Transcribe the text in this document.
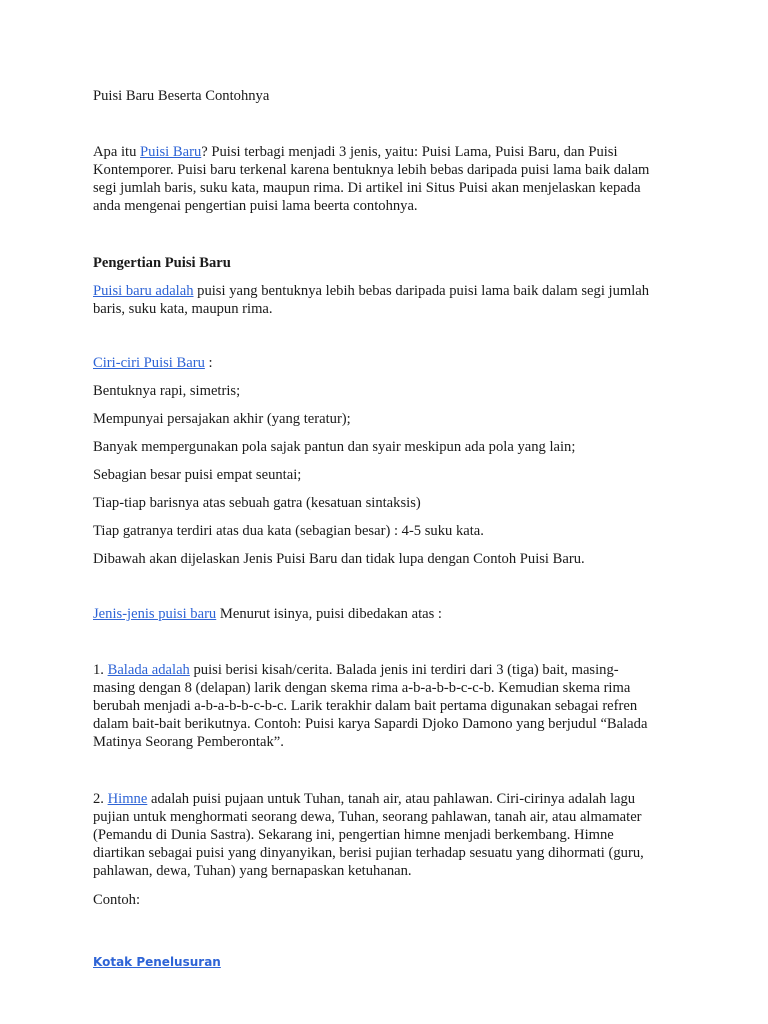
Puisi Baru Beserta Contohnya

Apa itu Puisi Baru? Puisi terbagi menjadi 3 jenis, yaitu: Puisi Lama, Puisi Baru, dan Puisi Kontemporer. Puisi baru terkenal karena bentuknya lebih bebas daripada puisi lama baik dalam segi jumlah baris, suku kata, maupun rima. Di artikel ini Situs Puisi akan menjelaskan kepada anda mengenai pengertian puisi lama beerta contohnya.

Pengertian Puisi Baru

Puisi baru adalah puisi yang bentuknya lebih bebas daripada puisi lama baik dalam segi jumlah baris, suku kata, maupun rima.

Ciri-ciri Puisi Baru :

Bentuknya rapi, simetris;

Mempunyai persajakan akhir (yang teratur);

Banyak mempergunakan pola sajak pantun dan syair meskipun ada pola yang lain;

Sebagian besar puisi empat seuntai;

Tiap-tiap barisnya atas sebuah gatra (kesatuan sintaksis)

Tiap gatranya terdiri atas dua kata (sebagian besar) : 4-5 suku kata.

Dibawah akan dijelaskan Jenis Puisi Baru dan tidak lupa dengan Contoh Puisi Baru.

Jenis-jenis puisi baru Menurut isinya, puisi dibedakan atas :

1. Balada adalah puisi berisi kisah/cerita. Balada jenis ini terdiri dari 3 (tiga) bait, masing-masing dengan 8 (delapan) larik dengan skema rima a-b-a-b-b-c-c-b. Kemudian skema rima berubah menjadi a-b-a-b-b-c-b-c. Larik terakhir dalam bait pertama digunakan sebagai refren dalam bait-bait berikutnya. Contoh: Puisi karya Sapardi Djoko Damono yang berjudul “Balada Matinya Seorang Pemberontak”.

2. Himne adalah puisi pujaan untuk Tuhan, tanah air, atau pahlawan. Ciri-cirinya adalah lagu pujian untuk menghormati seorang dewa, Tuhan, seorang pahlawan, tanah air, atau almamater (Pemandu di Dunia Sastra). Sekarang ini, pengertian himne menjadi berkembang. Himne diartikan sebagai puisi yang dinyanyikan, berisi pujian terhadap sesuatu yang dihormati (guru, pahlawan, dewa, Tuhan) yang bernapaskan ketuhanan.

Contoh:

Kotak Penelusuran
